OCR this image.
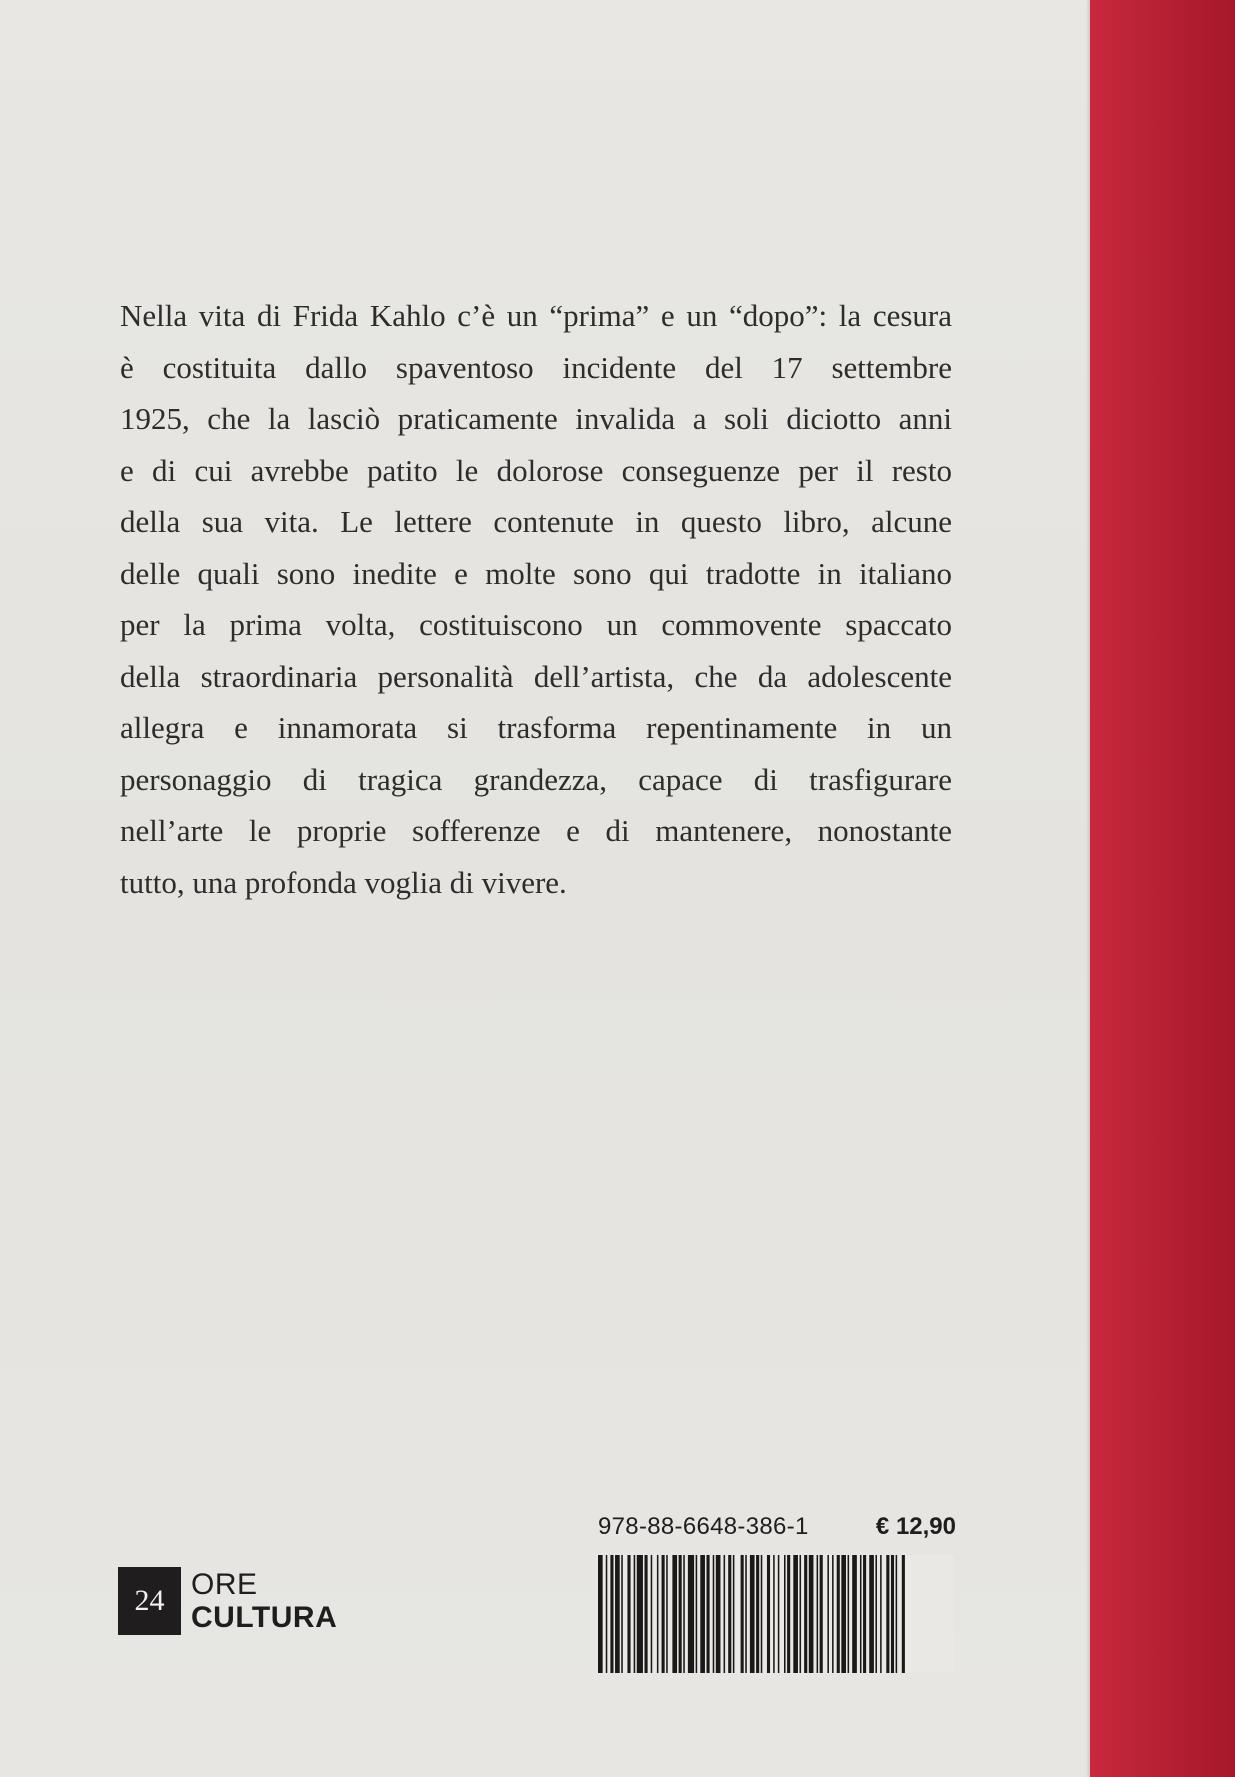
Nella vita di Frida Kahlo c’è un “prima” e un “dopo”: la cesura
è costituita dallo spaventoso incidente del 17 settembre
1925, che la lasciò praticamente invalida a soli diciotto anni
e di cui avrebbe patito le dolorose conseguenze per il resto
della sua vita. Le lettere contenute in questo libro, alcune
delle quali sono inedite e molte sono qui tradotte in italiano
per la prima volta, costituiscono un commovente spaccato
della straordinaria personalità dell’artista, che da adolescente
allegra e innamorata si trasforma repentinamente in un
personaggio di tragica grandezza, capace di trasfigurare
nell’arte le proprie sofferenze e di mantenere, nonostante
tutto, una profonda voglia di vivere.
24 ORE
CULTURA
978-88-6648-386-1	€ 12,90
